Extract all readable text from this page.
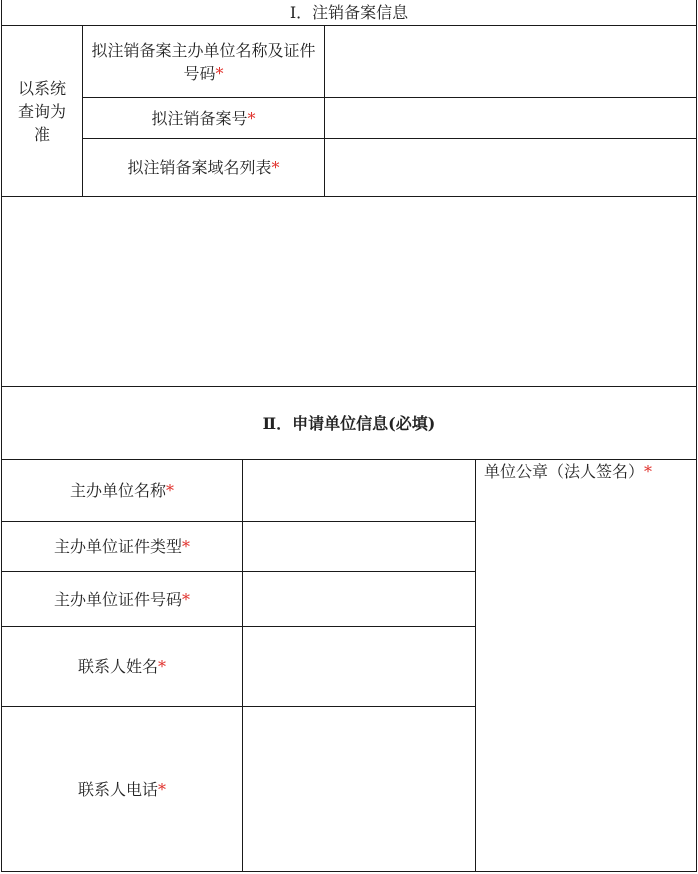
Ⅰ．注销备案信息
以系统查询为准
拟注销备案主办单位名称及证件号码*
拟注销备案号*
拟注销备案域名列表*
Ⅱ．申请单位信息(必填)
主办单位名称*
主办单位证件类型*
主办单位证件号码*
联系人姓名*
联系人电话*
单位公章（法人签名）*
